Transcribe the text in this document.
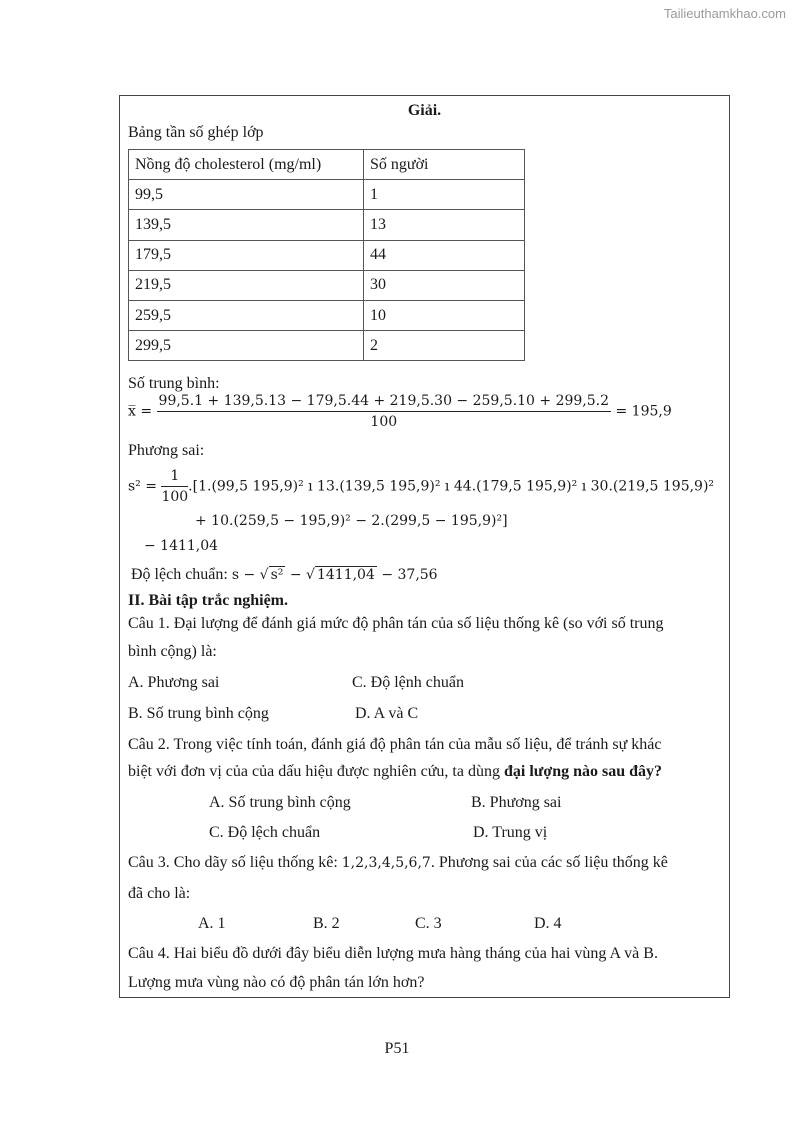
Tailieuthamkhao.com
Giải.
Bảng tần số ghép lớp
Nồng độ cholesterol (mg/ml)	Số người
99,5	1
139,5	13
179,5	44
219,5	30
259,5	10
299,5	2
Số trung bình:
x̅ = $\frac{99,5.1 + 139,5.13 - 179,5.44 + 219,5.30 - 259,5.10 + 299,5.2}{100} = 195,9$
Phương sai:
$s^2 = \frac{1}{100} .[1.(99,5$ 195,9)² ı 13.(139,5 195,9)² ı 44.(179,5 195,9)² ı 30.(219,5 195,9)²
+ 10.(259,5 − 195,9)² − 2.(299,5 − 195,9)²]
− 1411,04
Độ lệch chuẩn: s − √ s² − √ 1411,04 − 37,56
II. Bài tập trắc nghiệm.
Câu 1. Đại lượng để đánh giá mức độ phân tán của số liệu thống kê (so với số trung
bình cộng) là:
A. Phương sai	C. Độ lệnh chuẩn
B. Số trung bình cộng	D. A và C
Câu 2. Trong việc tính toán, đánh giá độ phân tán của mẫu số liệu, để tránh sự khác
biệt với đơn vị của của dấu hiệu được nghiên cứu, ta dùng đại lượng nào sau đây?
A. Số trung bình cộng	B. Phương sai
C. Độ lệch chuẩn	D. Trung vị
Câu 3. Cho dãy số liệu thống kê: 1,2,3,4,5,6,7. Phương sai của các số liệu thống kê
đã cho là:
A. 1	B. 2	C. 3	D. 4
Câu 4. Hai biểu đồ dưới đây biểu diễn lượng mưa hàng tháng của hai vùng A và B.
Lượng mưa vùng nào có độ phân tán lớn hơn?
P51
